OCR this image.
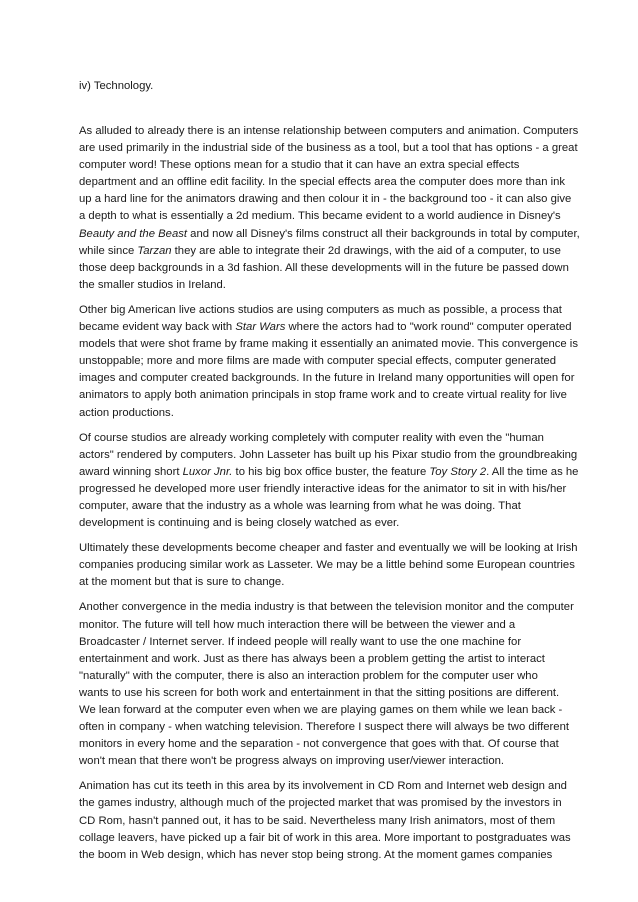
iv) Technology.
As alluded to already there is an intense relationship between computers and animation. Computers
are used primarily in the industrial side of the business as a tool, but a tool that has options - a great
computer word! These options mean for a studio that it can have an extra special effects
department and an offline edit facility. In the special effects area the computer does more than ink
up a hard line for the animators drawing and then colour it in - the background too - it can also give
a depth to what is essentially a 2d medium. This became evident to a world audience in Disney's
Beauty and the Beast and now all Disney's films construct all their backgrounds in total by computer,
while since Tarzan they are able to integrate their 2d drawings, with the aid of a computer, to use
those deep backgrounds in a 3d fashion. All these developments will in the future be passed down
the smaller studios in Ireland.
Other big American live actions studios are using computers as much as possible, a process that
became evident way back with Star Wars where the actors had to "work round" computer operated
models that were shot frame by frame making it essentially an animated movie. This convergence is
unstoppable; more and more films are made with computer special effects, computer generated
images and computer created backgrounds. In the future in Ireland many opportunities will open for
animators to apply both animation principals in stop frame work and to create virtual reality for live
action productions.
Of course studios are already working completely with computer reality with even the "human
actors" rendered by computers. John Lasseter has built up his Pixar studio from the groundbreaking
award winning short Luxor Jnr. to his big box office buster, the feature Toy Story 2. All the time as he
progressed he developed more user friendly interactive ideas for the animator to sit in with his/her
computer, aware that the industry as a whole was learning from what he was doing. That
development is continuing and is being closely watched as ever.
Ultimately these developments become cheaper and faster and eventually we will be looking at Irish
companies producing similar work as Lasseter. We may be a little behind some European countries
at the moment but that is sure to change.
Another convergence in the media industry is that between the television monitor and the computer
monitor. The future will tell how much interaction there will be between the viewer and a
Broadcaster / Internet server. If indeed people will really want to use the one machine for
entertainment and work. Just as there has always been a problem getting the artist to interact
"naturally" with the computer, there is also an interaction problem for the computer user who
wants to use his screen for both work and entertainment in that the sitting positions are different.
We lean forward at the computer even when we are playing games on them while we lean back -
often in company - when watching television. Therefore I suspect there will always be two different
monitors in every home and the separation - not convergence that goes with that. Of course that
won't mean that there won't be progress always on improving user/viewer interaction.
Animation has cut its teeth in this area by its involvement in CD Rom and Internet web design and
the games industry, although much of the projected market that was promised by the investors in
CD Rom, hasn't panned out, it has to be said. Nevertheless many Irish animators, most of them
collage leavers, have picked up a fair bit of work in this area. More important to postgraduates was
the boom in Web design, which has never stop being strong. At the moment games companies
